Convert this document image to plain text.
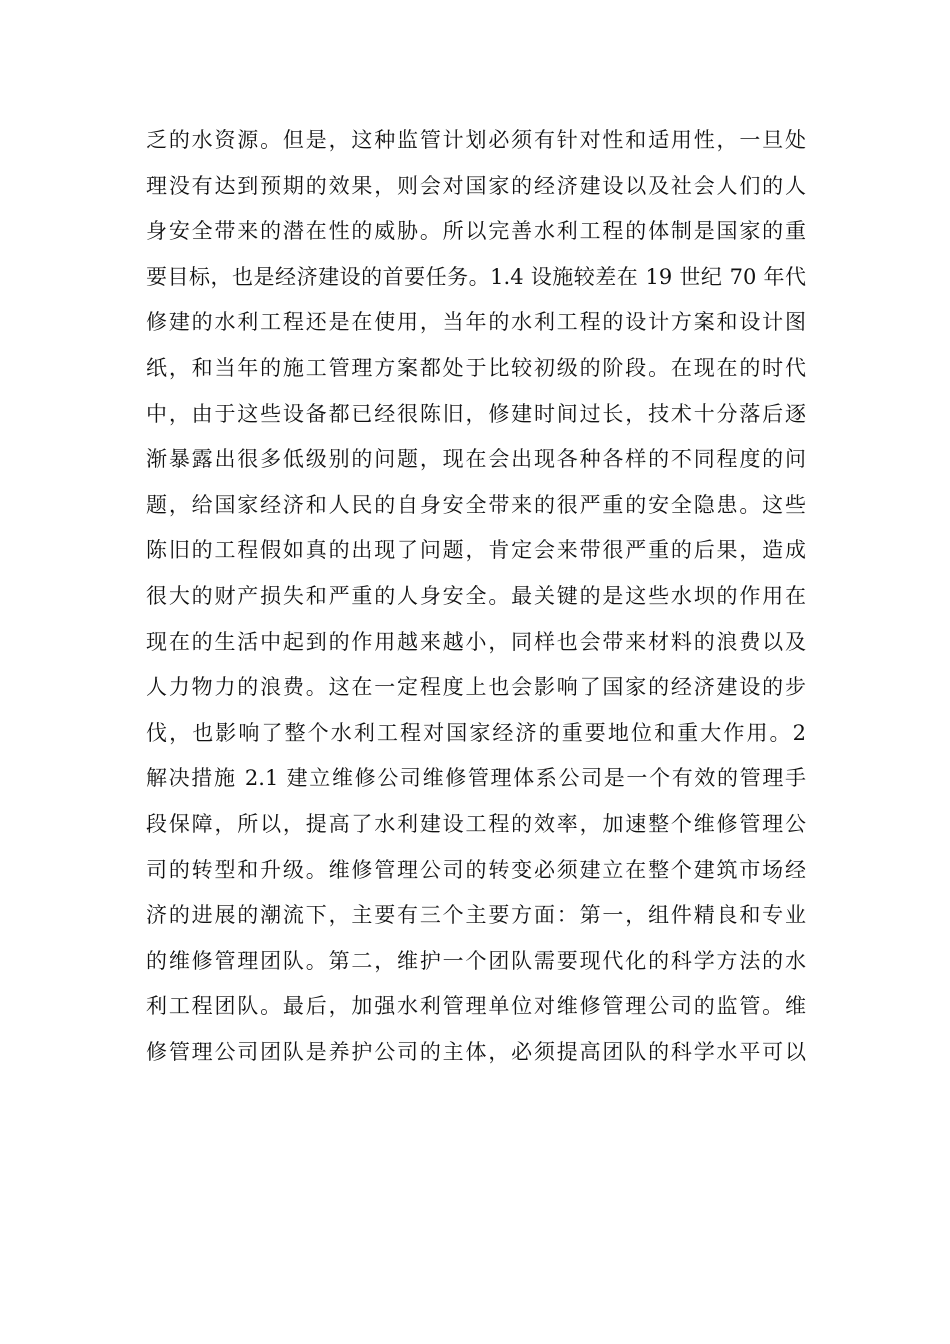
乏的水资源。但是，这种监管计划必须有针对性和适用性，一旦处
理没有达到预期的效果，则会对国家的经济建设以及社会人们的人
身安全带来的潜在性的威胁。所以完善水利工程的体制是国家的重
要目标，也是经济建设的首要任务。1.4 设施较差在 19 世纪 70 年代
修建的水利工程还是在使用，当年的水利工程的设计方案和设计图
纸，和当年的施工管理方案都处于比较初级的阶段。在现在的时代
中，由于这些设备都已经很陈旧，修建时间过长，技术十分落后逐
渐暴露出很多低级别的问题，现在会出现各种各样的不同程度的问
题，给国家经济和人民的自身安全带来的很严重的安全隐患。这些
陈旧的工程假如真的出现了问题，肯定会来带很严重的后果，造成
很大的财产损失和严重的人身安全。最关键的是这些水坝的作用在
现在的生活中起到的作用越来越小，同样也会带来材料的浪费以及
人力物力的浪费。这在一定程度上也会影响了国家的经济建设的步
伐，也影响了整个水利工程对国家经济的重要地位和重大作用。2
解决措施 2.1 建立维修公司维修管理体系公司是一个有效的管理手
段保障，所以，提高了水利建设工程的效率，加速整个维修管理公
司的转型和升级。维修管理公司的转变必须建立在整个建筑市场经
济的进展的潮流下，主要有三个主要方面：第一，组件精良和专业
的维修管理团队。第二，维护一个团队需要现代化的科学方法的水
利工程团队。最后，加强水利管理单位对维修管理公司的监管。维
修管理公司团队是养护公司的主体，必须提高团队的科学水平可以
